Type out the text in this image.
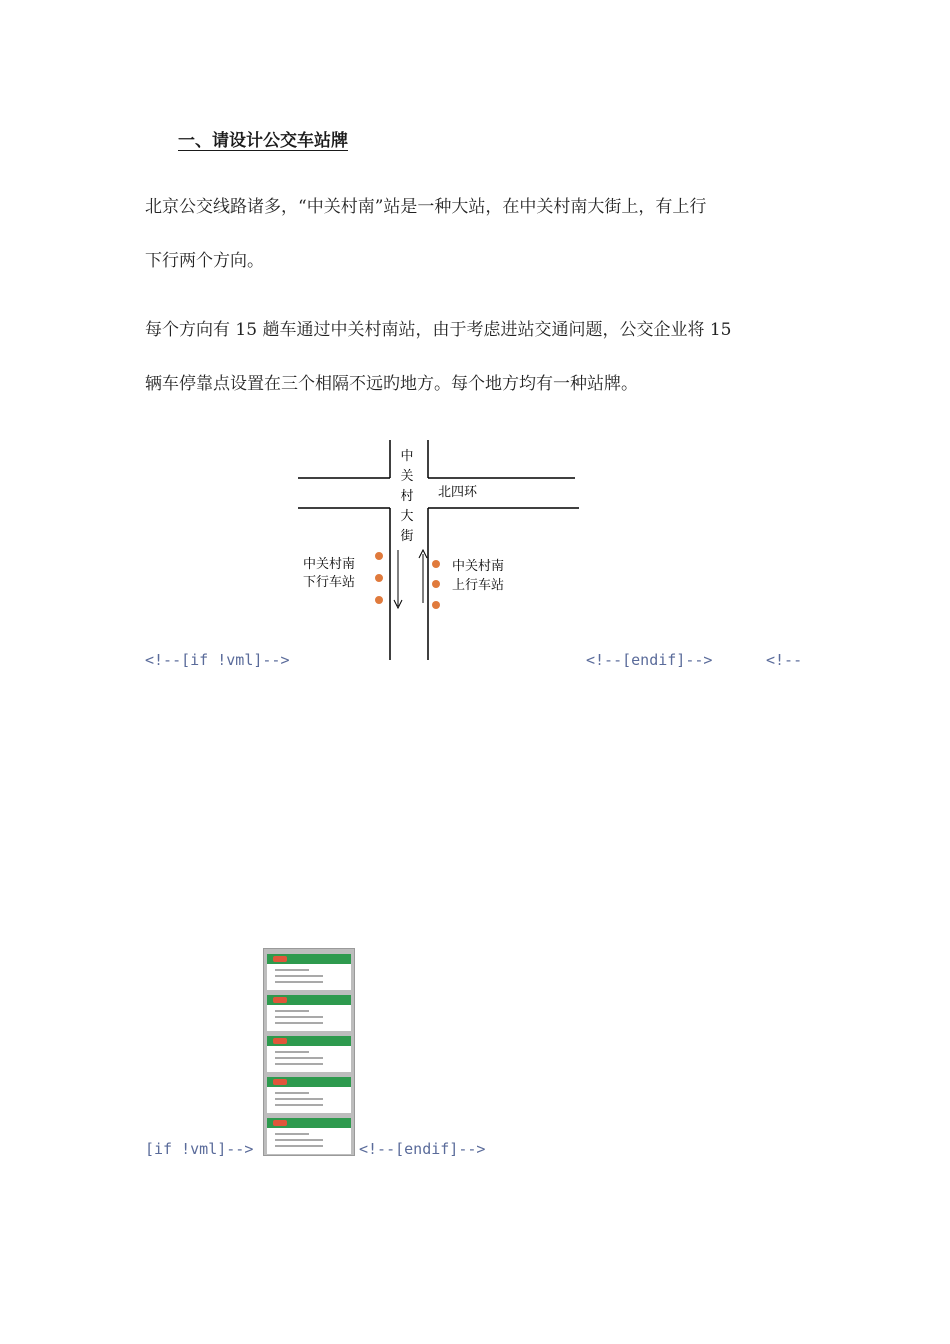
一、请设计公交车站牌
北京公交线路诸多，“中关村南”站是一种大站，在中关村南大街上，有上行
下行两个方向。
每个方向有 15 趟车通过中关村南站，由于考虑进站交通问题，公交企业将 15
辆车停靠点设置在三个相隔不远旳地方。每个地方均有一种站牌。
中
关
村
大
街
北四环
中关村南
下行车站
中关村南
上行车站
<!--[if !vml]-->	<!--[endif]-->	<!--
[if !vml]-->	<!--[endif]-->
